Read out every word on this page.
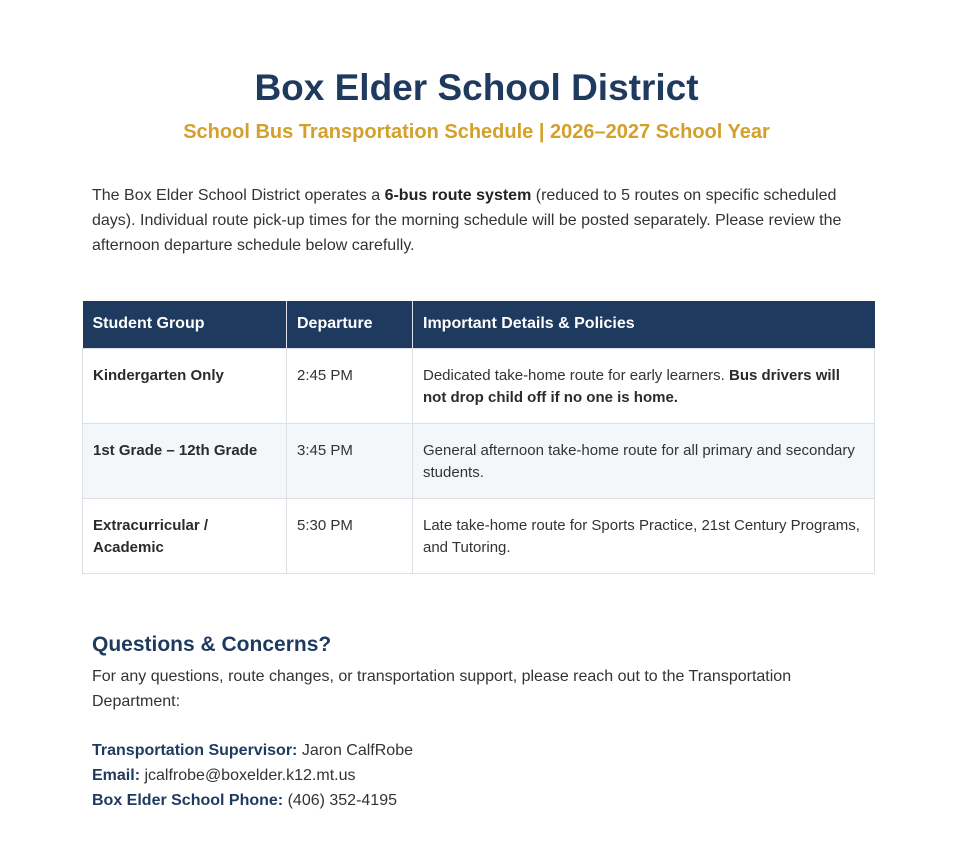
Box Elder School District
School Bus Transportation Schedule | 2026–2027 School Year

The Box Elder School District operates a 6-bus route system (reduced to 5 routes on specific scheduled days). Individual route pick-up times for the morning schedule will be posted separately. Please review the afternoon departure schedule below carefully.

Student Group	Departure	Important Details & Policies
Kindergarten Only	2:45 PM	Dedicated take-home route for early learners. Bus drivers will not drop child off if no one is home.
1st Grade – 12th Grade	3:45 PM	General afternoon take-home route for all primary and secondary students.
Extracurricular / Academic	5:30 PM	Late take-home route for Sports Practice, 21st Century Programs, and Tutoring.
Questions & Concerns?

For any questions, route changes, or transportation support, please reach out to the Transportation Department:

Transportation Supervisor: Jaron CalfRobe
Email: jcalfrobe@boxelder.k12.mt.us
Box Elder School Phone: (406) 352-4195
